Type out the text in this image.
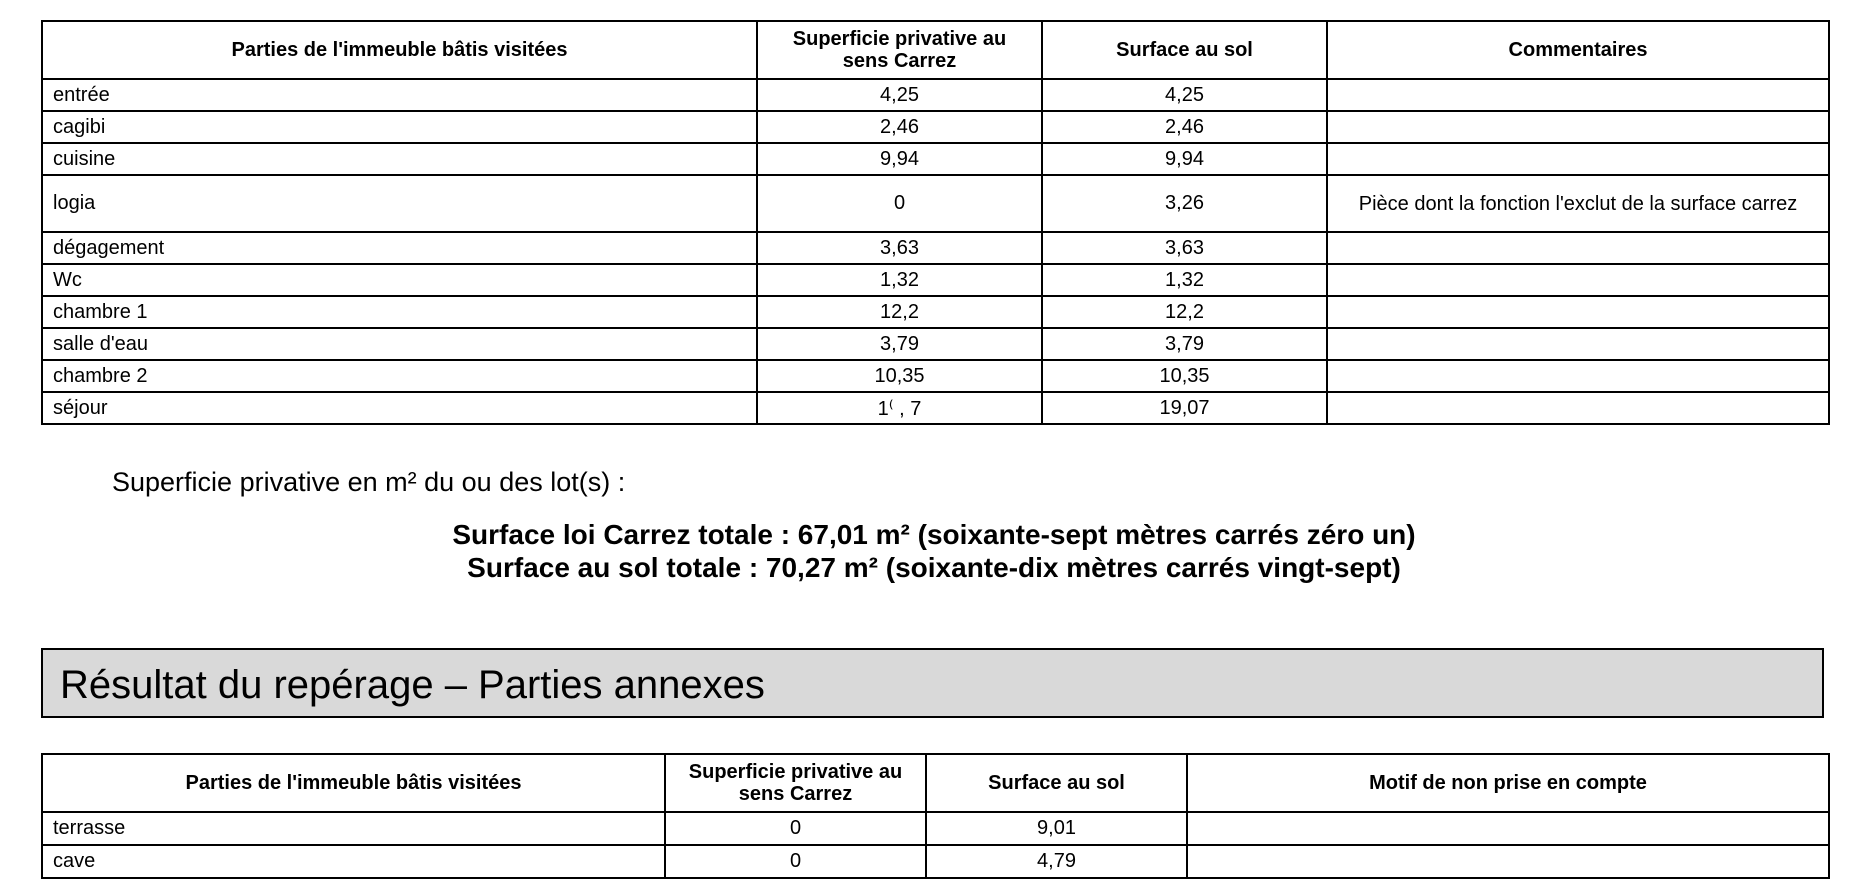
Parties de l'immeuble bâtis visitées	Superficie privative au sens Carrez	Surface au sol	Commentaires
entrée	4,25	4,25	
cagibi	2,46	2,46	
cuisine	9,94	9,94	
logia	0	3,26	Pièce dont la fonction l'exclut de la surface carrez
dégagement	3,63	3,63	
Wc	1,32	1,32	
chambre 1	12,2	12,2	
salle d'eau	3,79	3,79	
chambre 2	10,35	10,35	
séjour	1⁽ , 7	19,07	
Superficie privative en m² du ou des lot(s) :
Surface loi Carrez totale : 67,01 m² (soixante-sept mètres carrés zéro un)
Surface au sol totale : 70,27 m² (soixante-dix mètres carrés vingt-sept)
Résultat du repérage – Parties annexes
Parties de l'immeuble bâtis visitées	Superficie privative au sens Carrez	Surface au sol	Motif de non prise en compte
terrasse	0	9,01	
cave	0	4,79	
